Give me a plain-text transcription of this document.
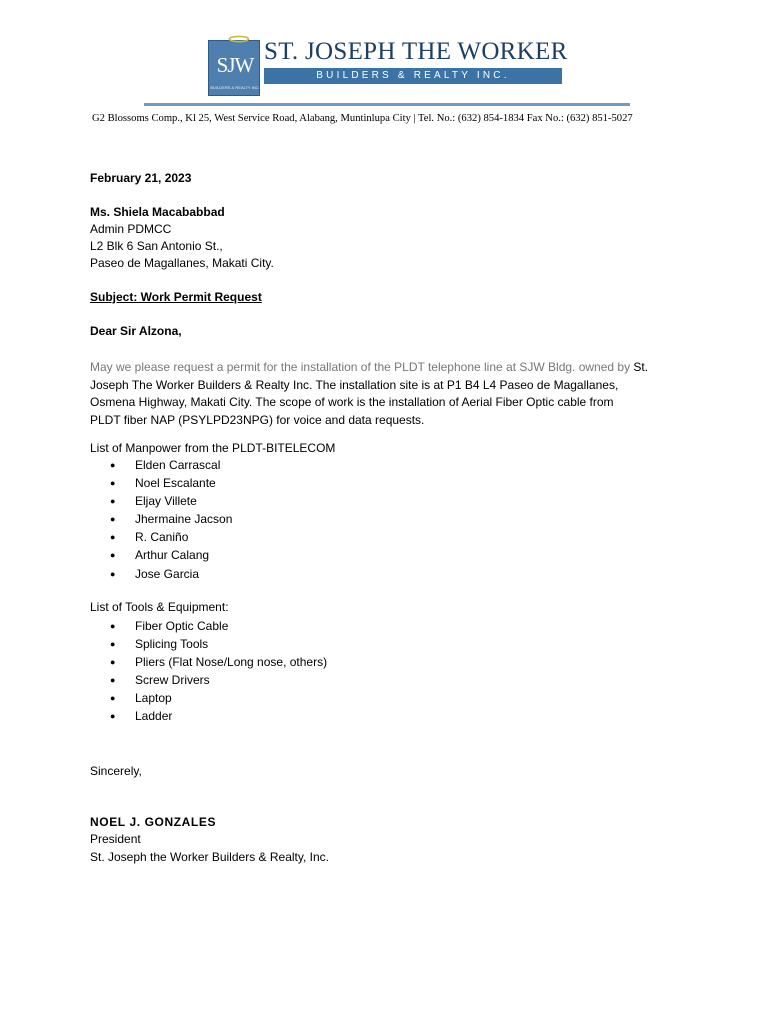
SJW
BUILDERS & REALTY INC.
ST. JOSEPH THE WORKER
BUILDERS & REALTY INC.
G2 Blossoms Comp., Kl 25, West Service Road, Alabang, Muntinlupa City | Tel. No.: (632) 854-1834 Fax No.: (632) 851-5027
February 21, 2023
Ms. Shiela Macababbad
Admin PDMCC
L2 Blk 6 San Antonio St.,
Paseo de Magallanes, Makati City.
Subject: Work Permit Request
Dear Sir Alzona,

May we please request a permit for the installation of the PLDT telephone line at SJW Bldg. owned by St.

Joseph The Worker Builders & Realty Inc. The installation site is at P1 B4 L4 Paseo de Magallanes,

Osmena Highway, Makati City. The scope of work is the installation of Aerial Fiber Optic cable from

PLDT fiber NAP (PSYLPD23NPG) for voice and data requests.

List of Manpower from the PLDT-BITELECOM
● Elden Carrascal
● Noel Escalante
● Eljay Villete
● Jhermaine Jacson
● R. Caniño
● Arthur Calang
● Jose Garcia
List of Tools & Equipment:
● Fiber Optic Cable
● Splicing Tools
● Pliers (Flat Nose/Long nose, others)
● Screw Drivers
● Laptop
● Ladder
Sincerely,
NOEL J. GONZALES
President
St. Joseph the Worker Builders & Realty, Inc.
